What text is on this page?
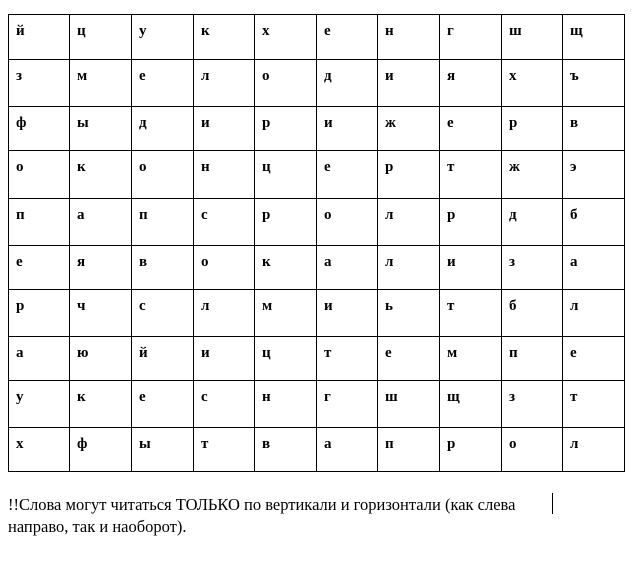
й	ц	у	к	х	е	н	г	ш	щ

з	м	е	л	о	д	и	я	х	ъ

ф	ы	д	и	р	и	ж	е	р	в

о	к	о	н	ц	е	р	т	ж	э

п	а	п	с	р	о	л	р	д	б

е	я	в	о	к	а	л	и	з	а

р	ч	с	л	м	и	ь	т	б	л

а	ю	й	и	ц	т	е	м	п	е

у	к	е	с	н	г	ш	щ	з	т

х	ф	ы	т	в	а	п	р	о	л
!!Слова могут читаться ТОЛЬКО по вертикали и горизонтали (как слева направо, так и наоборот).
